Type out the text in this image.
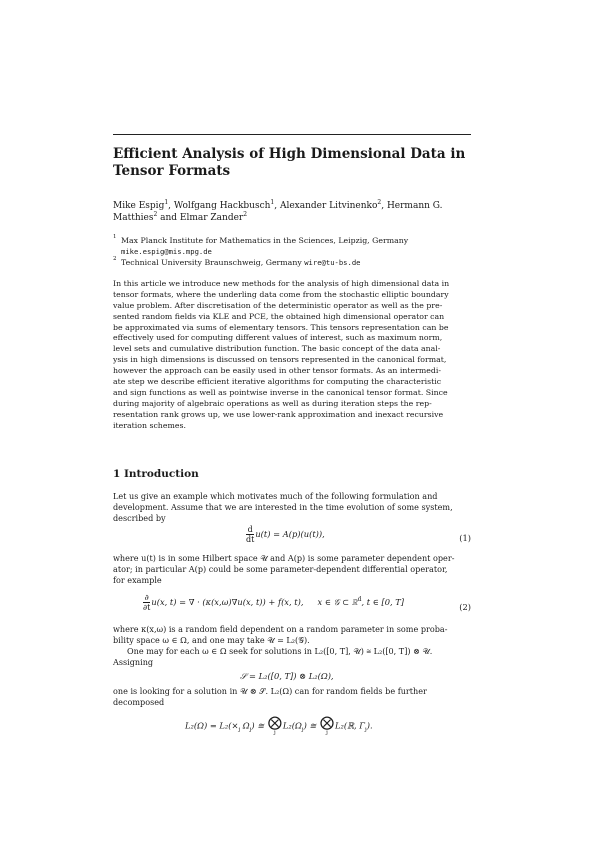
Efficient Analysis of High Dimensional Data in
Tensor Formats
Mike Espig$^1$, Wolfgang Hackbusch$^1$, Alexander Litvinenko$^2$, Hermann G.
Matthies$^2$ and Elmar Zander$^2$
1 Max Planck Institute for Mathematics in the Sciences, Leipzig, Germany
mike.espig@mis.mpg.de
2 Technical University Braunschweig, Germany wire@tu-bs.de
In this article we introduce new methods for the analysis of high dimensional data in
tensor formats, where the underling data come from the stochastic elliptic boundary
value problem. After discretisation of the deterministic operator as well as the pre-
sented random fields via KLE and PCE, the obtained high dimensional operator can
be approximated via sums of elementary tensors. This tensors representation can be
effectively used for computing different values of interest, such as maximum norm,
level sets and cumulative distribution function. The basic concept of the data anal-
ysis in high dimensions is discussed on tensors represented in the canonical format,
however the approach can be easily used in other tensor formats. As an intermedi-
ate step we describe efficient iterative algorithms for computing the characteristic
and sign functions as well as pointwise inverse in the canonical tensor format. Since
during majority of algebraic operations as well as during iteration steps the rep-
resentation rank grows up, we use lower-rank approximation and inexact recursive
iteration schemes.
1 Introduction
Let us give an example which motivates much of the following formulation and
development. Assume that we are interested in the time evolution of some system,
described by
$\frac{d}{dt} u(t) = A(p)(u(t))$,	(1)
where u(t) is in some Hilbert space 𝒰 and A(p) is some parameter dependent oper-
ator; in particular A(p) could be some parameter-dependent differential operator,
for example
$\frac{\partial}{\partial t} u(x$, t) = ∇ · (κ(x,ω)∇u(x, t)) + f(x, t), x ∈ 𝒢 ⊂ ℝ$^d$, t ∈ [0, T]	(2)
where κ(x,ω) is a random field dependent on a random parameter in some proba-
bility space ω ∈ Ω, and one may take 𝒰 = L₂(𝒢).
One may for each ω ∈ Ω seek for solutions in L₂([0, T], 𝒰) ≅ L₂([0, T]) ⊗ 𝒰.
Assigning
𝒮 = L₂([0, T]) ⊗ L₂(Ω),
one is looking for a solution in 𝒰 ⊗ 𝒮. L₂(Ω) can for random fields be further
decomposed
$L_2(\Omega) = L_2(\times_j$ $\Omega_j$) ≅ ⨂
j
$L_2(\Omega_j)$ ≅ ⨂
j
L₂(ℝ, $\Gamma_j$).
